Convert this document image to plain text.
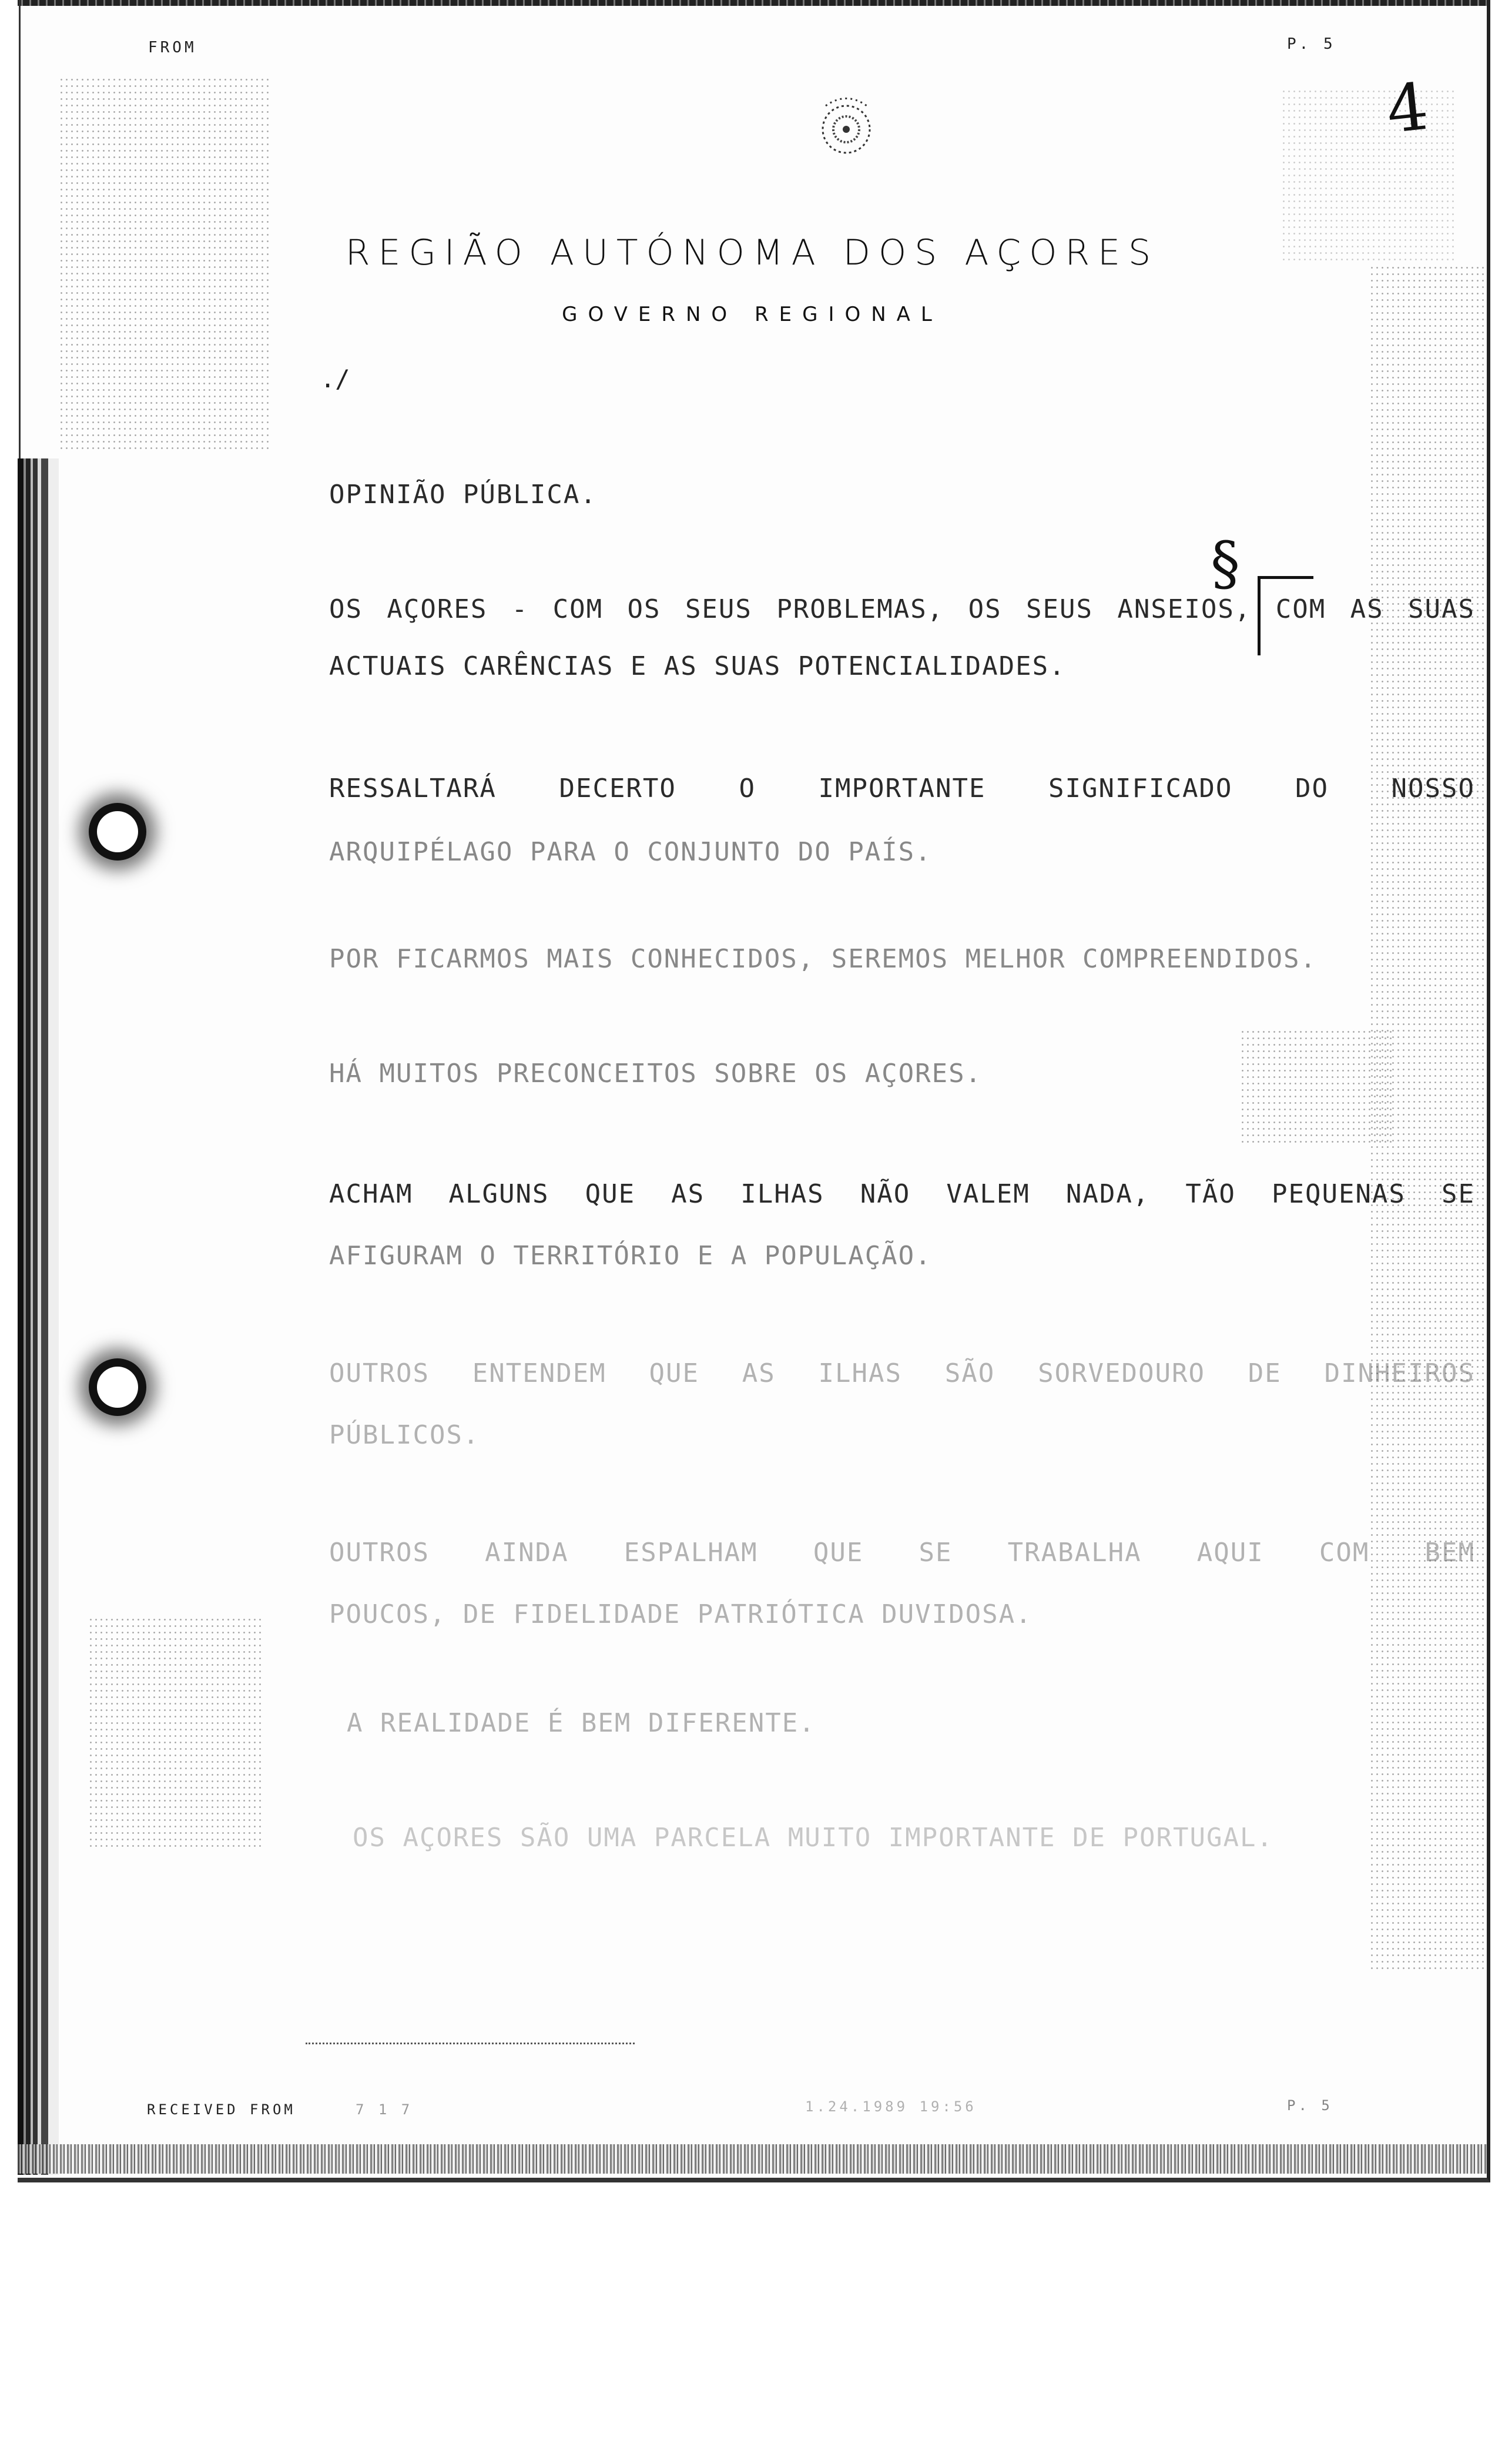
FROM	P. 5
REGIÃO AUTÓNOMA DOS AÇORES
GOVERNO REGIONAL
./
4
§
OPINIÃO PÚBLICA.
OS AÇORES - COM OS SEUS PROBLEMAS, OS SEUS ANSEIOS, COM AS SUAS
ACTUAIS CARÊNCIAS E AS SUAS POTENCIALIDADES.
RESSALTARÁ DECERTO O IMPORTANTE SIGNIFICADO DO NOSSO
ARQUIPÉLAGO PARA O CONJUNTO DO PAÍS.
POR FICARMOS MAIS CONHECIDOS, SEREMOS MELHOR COMPREENDIDOS.
HÁ MUITOS PRECONCEITOS SOBRE OS AÇORES.
ACHAM ALGUNS QUE AS ILHAS NÃO VALEM NADA, TÃO PEQUENAS SE
AFIGURAM O TERRITÓRIO E A POPULAÇÃO.
OUTROS ENTENDEM QUE AS ILHAS SÃO SORVEDOURO DE DINHEIROS
PÚBLICOS.
OUTROS AINDA ESPALHAM QUE SE TRABALHA AQUI COM BEM
POUCOS, DE FIDELIDADE PATRIÓTICA DUVIDOSA.
A REALIDADE É BEM DIFERENTE.
OS AÇORES SÃO UMA PARCELA MUITO IMPORTANTE DE PORTUGAL.
RECEIVED FROM	7 1 7	1.24.1989 19:56	P. 5
